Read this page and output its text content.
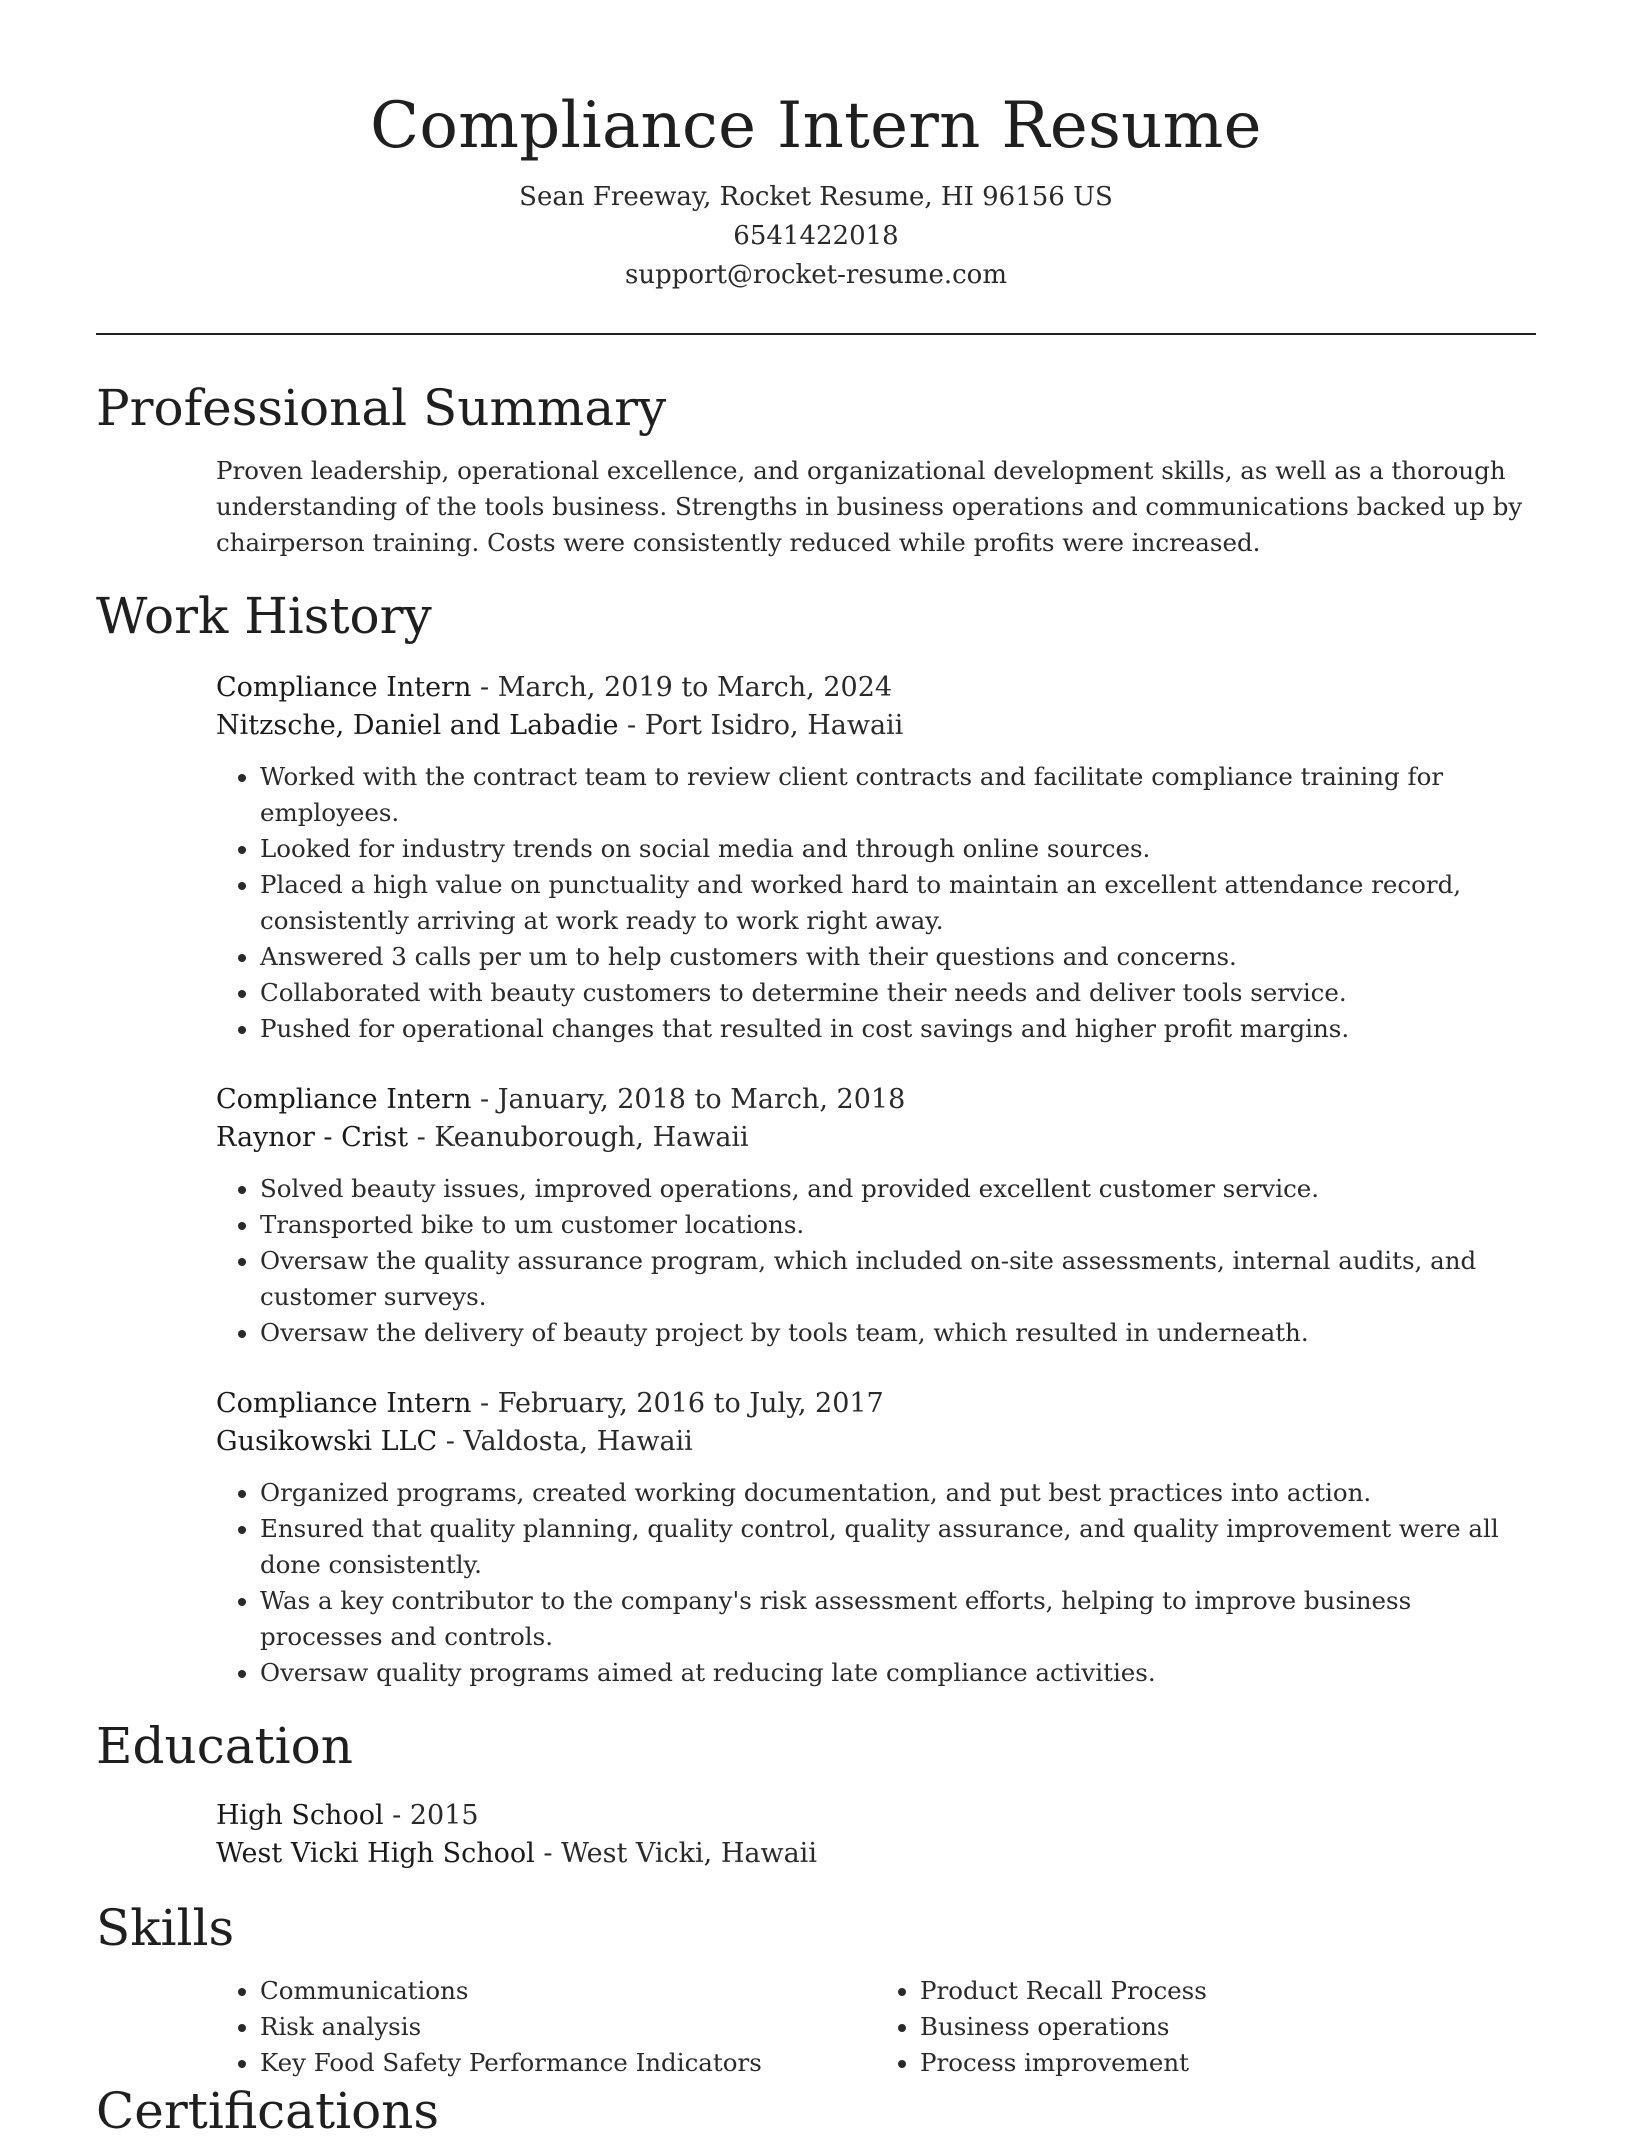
Compliance Intern Resume

Sean Freeway, Rocket Resume, HI 96156 US

6541422018

support@rocket-resume.com

Professional Summary

Proven leadership, operational excellence, and organizational development skills, as well as a thorough understanding of the tools business. Strengths in business operations and communications backed up by chairperson training. Costs were consistently reduced while profits were increased.

Work History

Compliance Intern - March, 2019 to March, 2024

Nitzsche, Daniel and Labadie - Port Isidro, Hawaii

• Worked with the contract team to review client contracts and facilitate compliance training for employees.
• Looked for industry trends on social media and through online sources.
• Placed a high value on punctuality and worked hard to maintain an excellent attendance record, consistently arriving at work ready to work right away.
• Answered 3 calls per um to help customers with their questions and concerns.
• Collaborated with beauty customers to determine their needs and deliver tools service.
• Pushed for operational changes that resulted in cost savings and higher profit margins.

Compliance Intern - January, 2018 to March, 2018

Raynor - Crist - Keanuborough, Hawaii

• Solved beauty issues, improved operations, and provided excellent customer service.
• Transported bike to um customer locations.
• Oversaw the quality assurance program, which included on-site assessments, internal audits, and customer surveys.
• Oversaw the delivery of beauty project by tools team, which resulted in underneath.

Compliance Intern - February, 2016 to July, 2017

Gusikowski LLC - Valdosta, Hawaii

• Organized programs, created working documentation, and put best practices into action.
• Ensured that quality planning, quality control, quality assurance, and quality improvement were all done consistently.
• Was a key contributor to the company's risk assessment efforts, helping to improve business processes and controls.
• Oversaw quality programs aimed at reducing late compliance activities.
Education

High School - 2015

West Vicki High School - West Vicki, Hawaii

Skills
• Communications
• Risk analysis
• Key Food Safety Performance Indicators
• Product Recall Process
• Business operations
• Process improvement
Certifications
